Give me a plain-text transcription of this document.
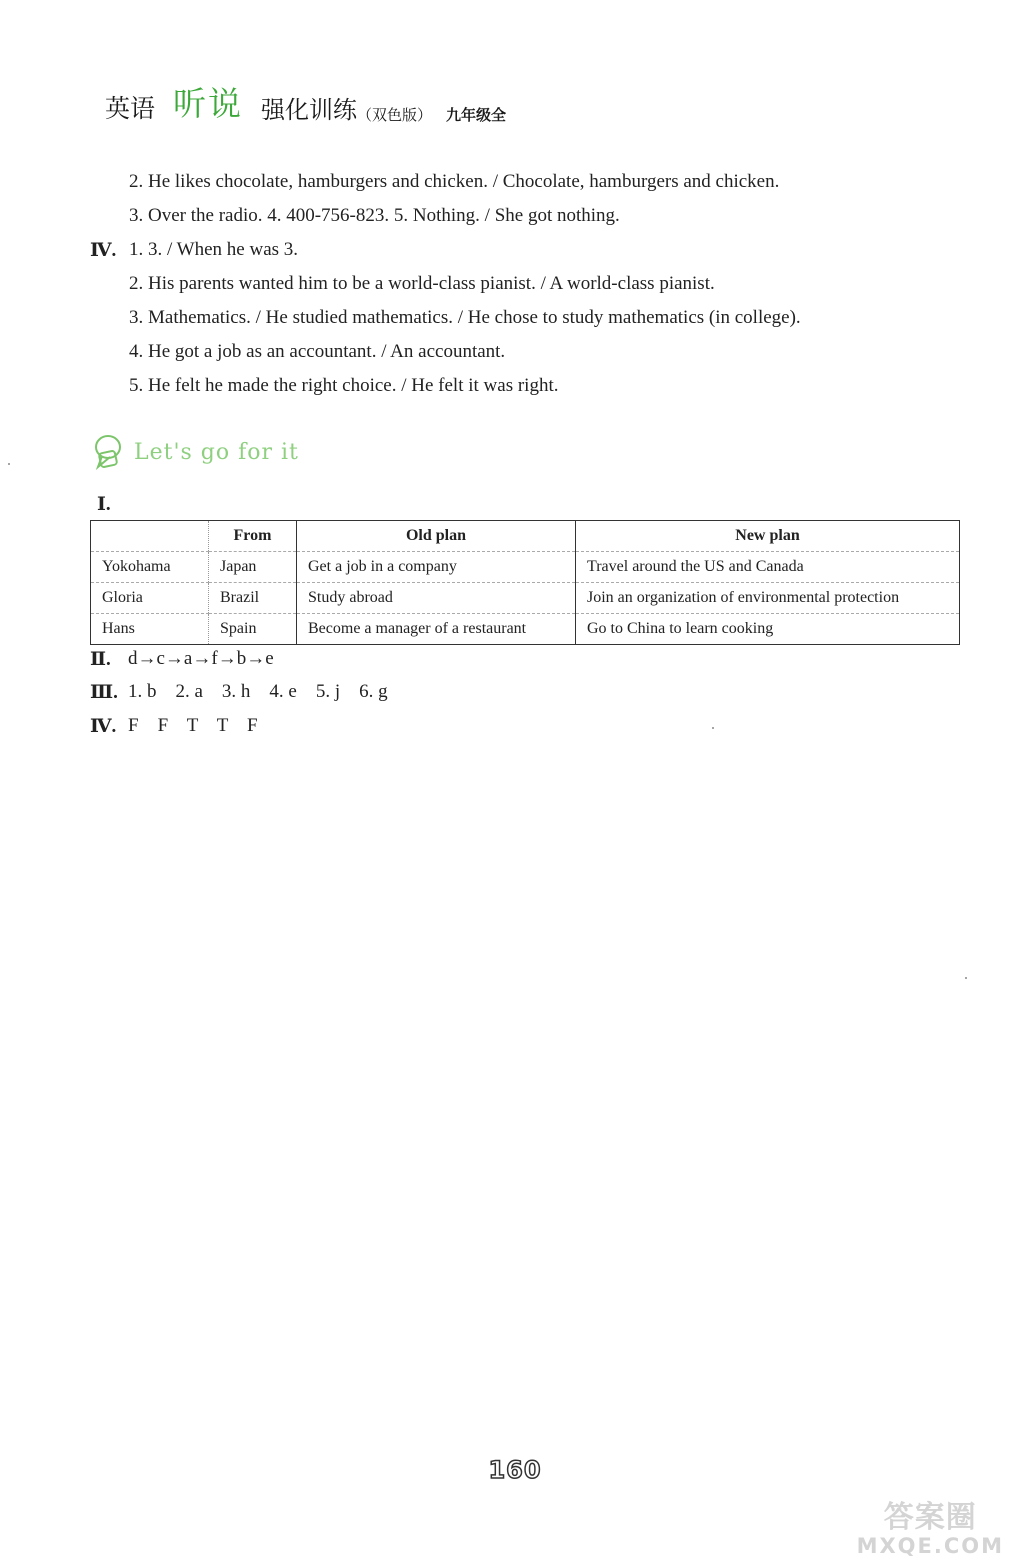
英语 听说 强化训练 （双色版） 九年级全
2. He likes chocolate, hamburgers and chicken. / Chocolate, hamburgers and chicken.
3. Over the radio. 4. 400-756-823. 5. Nothing. / She got nothing.
Ⅳ. 1. 3. / When he was 3.
2. His parents wanted him to be a world-class pianist. / A world-class pianist.
3. Mathematics. / He studied mathematics. / He chose to study mathematics (in college).
4. He got a job as an accountant. / An accountant.
5. He felt he made the right choice. / He felt it was right.
Let's go for it
Ⅰ.
	From	Old plan	New plan
Yokohama	Japan	Get a job in a company	Travel around the US and Canada
Gloria	Brazil	Study abroad	Join an organization of environmental protection
Hans	Spain	Become a manager of a restaurant	Go to China to learn cooking
Ⅱ. d→c→a→f→b→e
Ⅲ. 1. b    2. a    3. h    4. e    5. j    6. g
Ⅳ. F    F    T    T    F
160
答案圈
MXQE.COM
